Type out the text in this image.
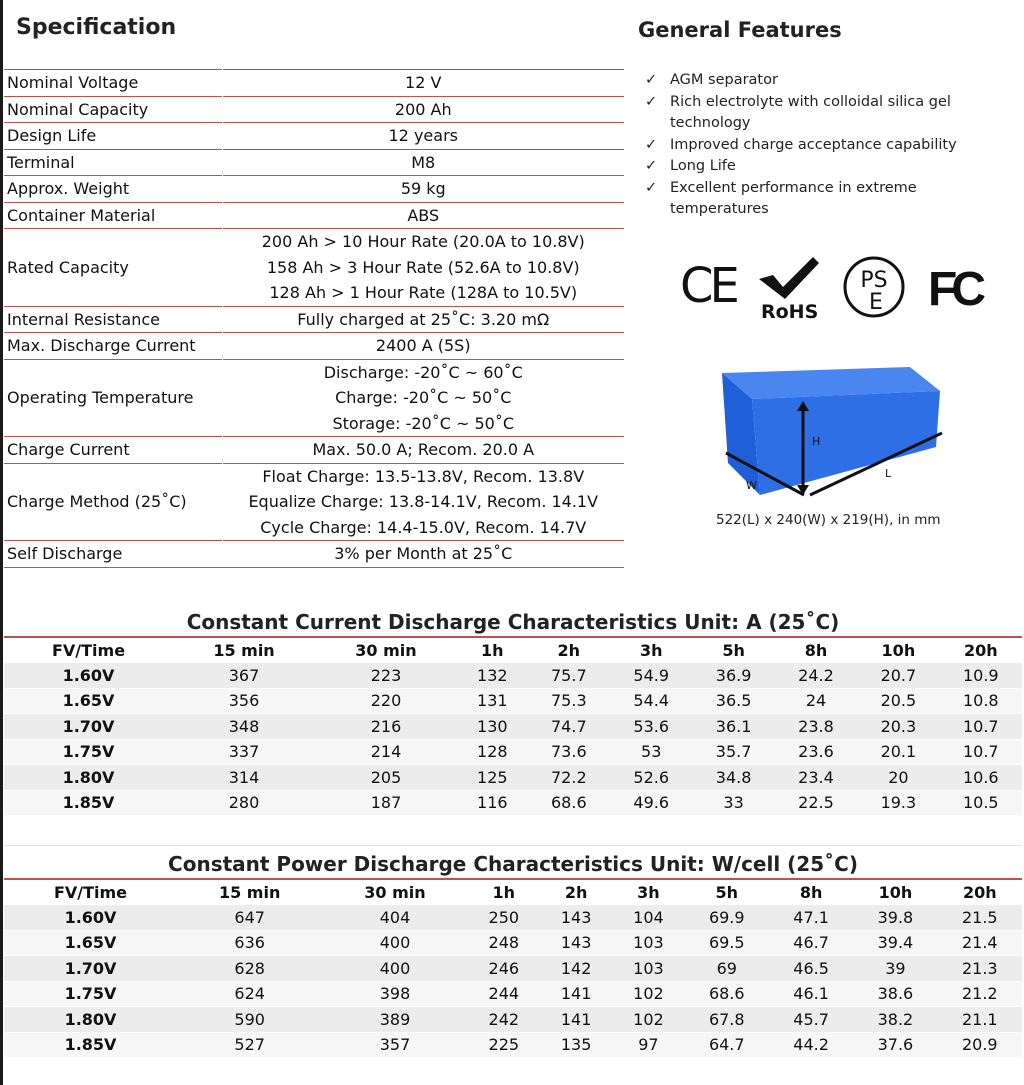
Specification	General Features
Nominal Voltage	12 V

Nominal Capacity	200 Ah

Design Life	12 years

Terminal	M8

Approx. Weight	59 kg

Container Material	ABS

Rated Capacity	200 Ah > 10 Hour Rate (20.0A to 10.8V)
158 Ah > 3 Hour Rate (52.6A to 10.8V)
128 Ah > 1 Hour Rate (128A to 10.5V)

Internal Resistance	Fully charged at 25˚C: 3.20 mΩ

Max. Discharge Current	2400 A (5S)

Operating Temperature	Discharge: -20˚C ~ 60˚C
Charge: -20˚C ~ 50˚C
Storage: -20˚C ~ 50˚C

Charge Current	Max. 50.0 A; Recom. 20.0 A

Charge Method (25˚C)	Float Charge: 13.5-13.8V, Recom. 13.8V
Equalize Charge: 13.8-14.1V, Recom. 14.1V
Cycle Charge: 14.4-15.0V, Recom. 14.7V

Self Discharge	3% per Month at 25˚C
✓ AGM separator
✓ Rich electrolyte with colloidal silica gel technology
✓ Improved charge acceptance capability
✓ Long Life
✓ Excellent performance in extreme temperatures
CE RoHS
PS
E FC
H
L
W
522(L) x 240(W) x 219(H), in mm
Constant Current Discharge Characteristics Unit: A (25˚C)
FV/Time	15 min	30 min	1h	2h	3h	5h	8h	10h	20h
1.60V	367	223	132	75.7	54.9	36.9	24.2	20.7	10.9
1.65V	356	220	131	75.3	54.4	36.5	24	20.5	10.8
1.70V	348	216	130	74.7	53.6	36.1	23.8	20.3	10.7
1.75V	337	214	128	73.6	53	35.7	23.6	20.1	10.7
1.80V	314	205	125	72.2	52.6	34.8	23.4	20	10.6
1.85V	280	187	116	68.6	49.6	33	22.5	19.3	10.5
Constant Power Discharge Characteristics Unit: W/cell (25˚C)
FV/Time	15 min	30 min	1h	2h	3h	5h	8h	10h	20h
1.60V	647	404	250	143	104	69.9	47.1	39.8	21.5
1.65V	636	400	248	143	103	69.5	46.7	39.4	21.4
1.70V	628	400	246	142	103	69	46.5	39	21.3
1.75V	624	398	244	141	102	68.6	46.1	38.6	21.2
1.80V	590	389	242	141	102	67.8	45.7	38.2	21.1
1.85V	527	357	225	135	97	64.7	44.2	37.6	20.9
